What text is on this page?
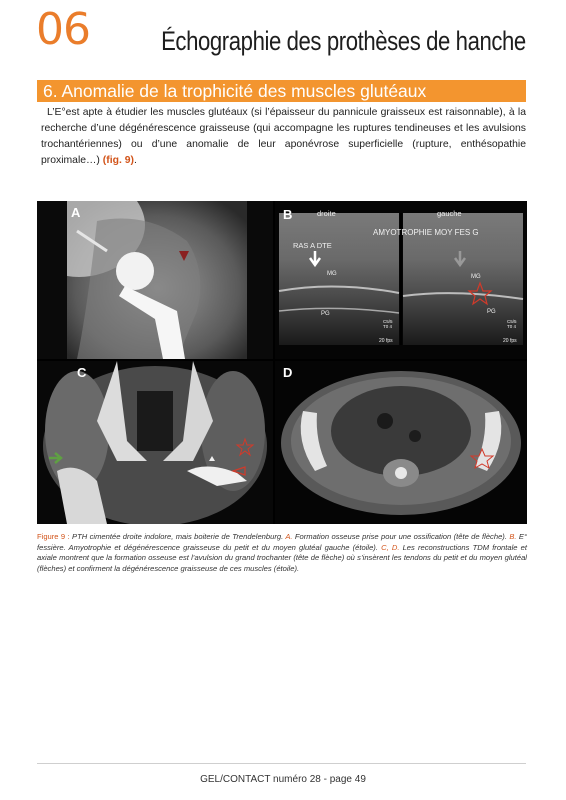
06	Échographie des prothèses de hanche
6. Anomalie de la trophicité des muscles glutéaux

L’E°est apte à étudier les muscles glutéaux (si l’épaisseur du pannicule graisseux est raisonnable), à la recherche d’une dégénérescence graisseuse (qui accompagne les ruptures tendineuses et les avulsions trochantériennes) ou d’une anomalie de leur aponévrose superficielle (rupture, enthésopathie proximale…) (fig. 9).

A	B	droite	gauche
AMYOTROPHIE MOY FES G
RAS A DTE
MG	MG
PG	PG
C5/5
T0 4
C5/5
T0 4
20 fps	20 fps
C	D

Figure 9 : PTH cimentée droite indolore, mais boiterie de Trendelenburg. A. Formation osseuse prise pour une ossification (tête de flèche). B. E° fessière. Amyotrophie et dégénérescence graisseuse du petit et du moyen glutéal gauche (étoile). C, D. Les reconstructions TDM frontale et axiale montrent que la formation osseuse est l’avulsion du grand trochanter (tête de flèche) où s’insèrent les tendons du petit et du moyen glutéal (flèches) et confirment la dégénérescence graisseuse de ces muscles (étoile).

GEL/CONTACT numéro 28 - page 49
